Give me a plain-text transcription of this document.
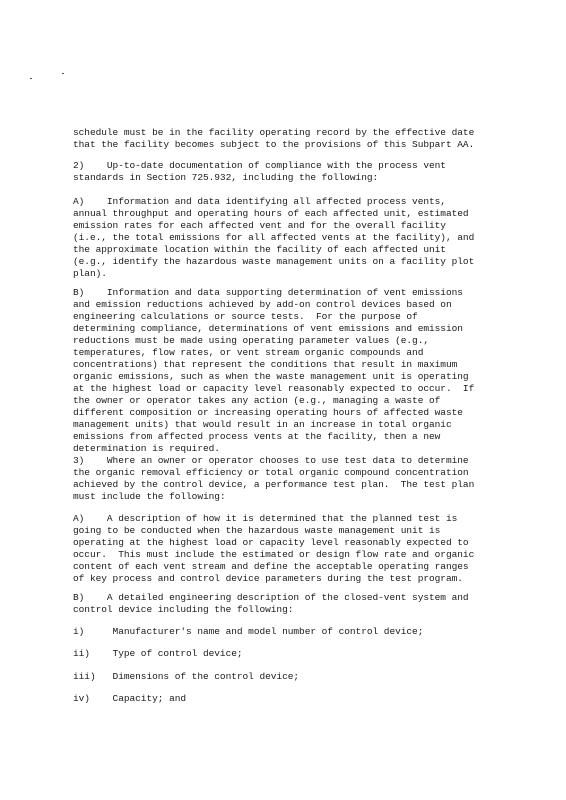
schedule must be in the facility operating record by the effective date
that the facility becomes subject to the provisions of this Subpart AA.
2)    Up-to-date documentation of compliance with the process vent
standards in Section 725.932, including the following:
A)    Information and data identifying all affected process vents,
annual throughput and operating hours of each affected unit, estimated
emission rates for each affected vent and for the overall facility
(i.e., the total emissions for all affected vents at the facility), and
the approximate location within the facility of each affected unit
(e.g., identify the hazardous waste management units on a facility plot
plan).
B)    Information and data supporting determination of vent emissions
and emission reductions achieved by add-on control devices based on
engineering calculations or source tests.  For the purpose of
determining compliance, determinations of vent emissions and emission
reductions must be made using operating parameter values (e.g.,
temperatures, flow rates, or vent stream organic compounds and
concentrations) that represent the conditions that result in maximum
organic emissions, such as when the waste management unit is operating
at the highest load or capacity level reasonably expected to occur.  If
the owner or operator takes any action (e.g., managing a waste of
different composition or increasing operating hours of affected waste
management units) that would result in an increase in total organic
emissions from affected process vents at the facility, then a new
determination is required.
3)    Where an owner or operator chooses to use test data to determine
the organic removal efficiency or total organic compound concentration
achieved by the control device, a performance test plan.  The test plan
must include the following:
A)    A description of how it is determined that the planned test is
going to be conducted when the hazardous waste management unit is
operating at the highest load or capacity level reasonably expected to
occur.  This must include the estimated or design flow rate and organic
content of each vent stream and define the acceptable operating ranges
of key process and control device parameters during the test program.
B)    A detailed engineering description of the closed-vent system and
control device including the following:
i)     Manufacturer's name and model number of control device;
ii)    Type of control device;
iii)   Dimensions of the control device;
iv)    Capacity; and
